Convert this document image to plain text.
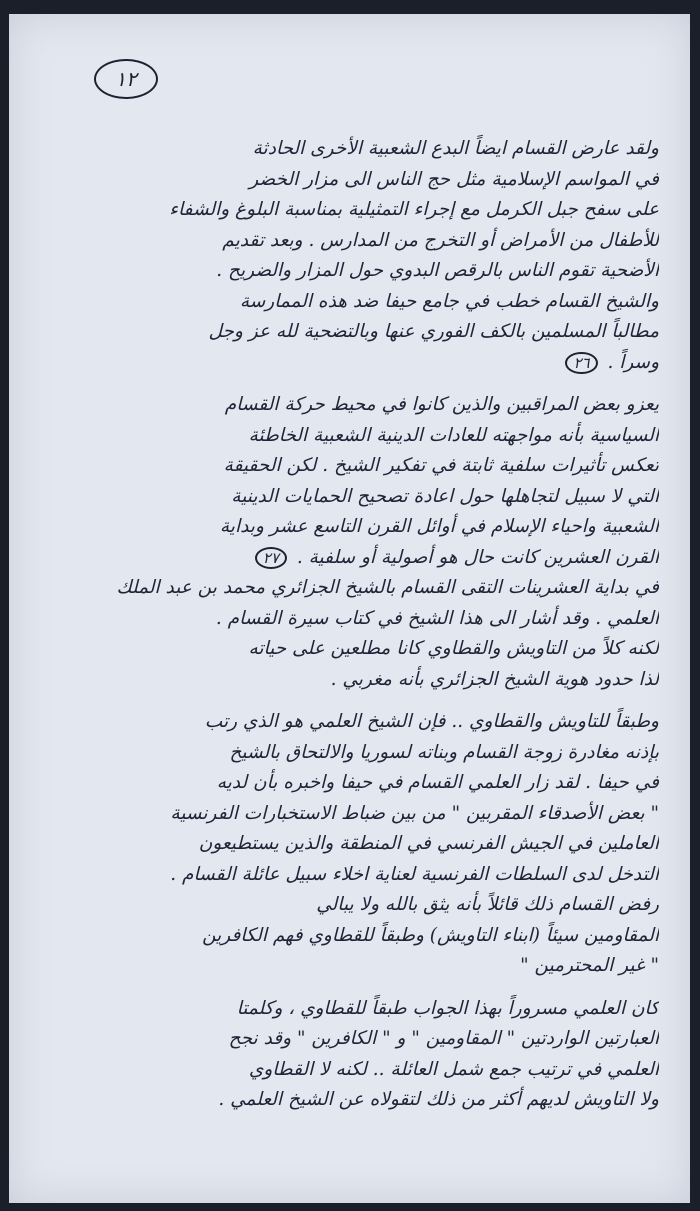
١٢
ولقد عارض القسام ايضاً البدع الشعبية الأخرى الحادثة
في المواسم الإسلامية مثل حج الناس الى مزار الخضر
على سفح جبل الكرمل مع إجراء التمثيلية بمناسبة البلوغ والشفاء
للأطفال من الأمراض أو التخرج من المدارس . وبعد تقديم
الأضحية تقوم الناس بالرقص البدوي حول المزار والضريح .
والشيخ القسام خطب في جامع حيفا ضد هذه الممارسة
مطالباً المسلمين بالكف الفوري عنها وبالتضحية لله عز وجل
وسراً . ٢٦
يعزو بعض المراقبين والذين كانوا في محيط حركة القسام
السياسية بأنه مواجهته للعادات الدينية الشعبية الخاطئة
تعكس تأثيرات سلفية ثابتة في تفكير الشيخ . لكن الحقيقة
التي لا سبيل لتجاهلها حول اعادة تصحيح الحمايات الدينية
الشعبية واحياء الإسلام في أوائل القرن التاسع عشر وبداية
القرن العشرين كانت حال هو أصولية أو سلفية . ٢٧
في بداية العشرينات التقى القسام بالشيخ الجزائري محمد بن عبد الملك
العلمي . وقد أشار الى هذا الشيخ في كتاب سيرة القسام .
لكنه كلاً من التاويش والقطاوي كانا مطلعين على حياته
لذا حدود هوية الشيخ الجزائري بأنه مغربي .
وطبقاً للتاويش والقطاوي .. فإن الشيخ العلمي هو الذي رتب
بإذنه مغادرة زوجة القسام وبناته لسوريا والالتحاق بالشيخ
في حيفا . لقد زار العلمي القسام في حيفا واخبره بأن لديه
" بعض الأصدقاء المقربين " من بين ضباط الاستخبارات الفرنسية
العاملين في الجيش الفرنسي في المنطقة والذين يستطيعون
التدخل لدى السلطات الفرنسية لعناية اخلاء سبيل عائلة القسام .
رفض القسام ذلك قائلاً بأنه يثق بالله ولا يبالي
المقاومين سيئاً (ابناء التاويش) وطبقاً للقطاوي فهم الكافرين
" غير المحترمين "
كان العلمي مسروراً بهذا الجواب طبقاً للقطاوي ، وكلمتا
العبارتين الواردتين " المقاومين " و " الكافرين " وقد نجح
العلمي في ترتيب جمع شمل العائلة .. لكنه لا القطاوي
ولا التاويش لديهم أكثر من ذلك لتقولاه عن الشيخ العلمي .
